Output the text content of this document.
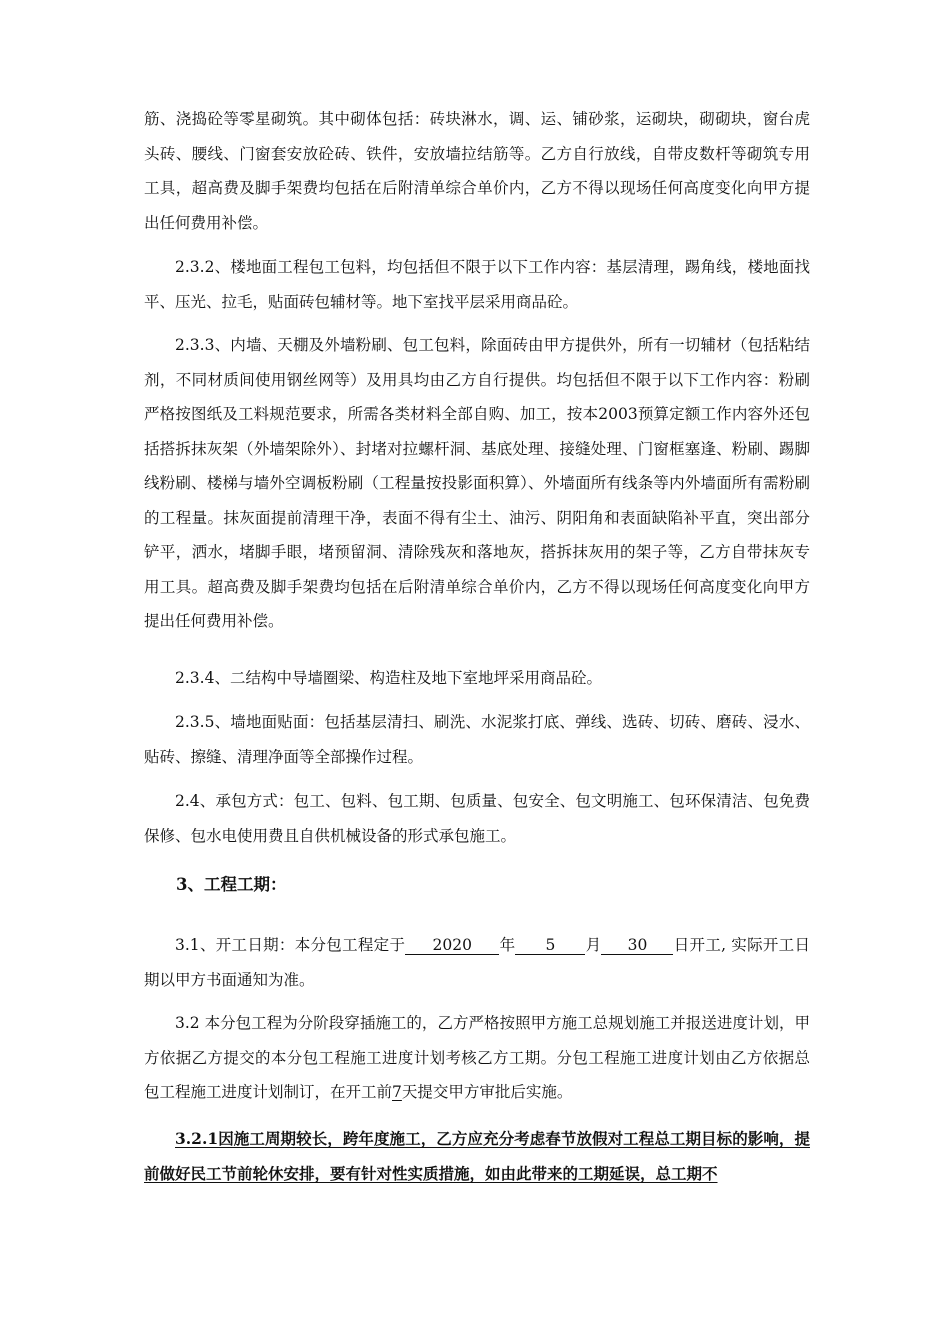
筋、浇捣砼等零星砌筑。其中砌体包括：砖块淋水，调、运、铺砂浆，运砌块，砌砌块，窗台虎头砖、腰线、门窗套安放砼砖、铁件，安放墙拉结筋等。乙方自行放线，自带皮数杆等砌筑专用工具，超高费及脚手架费均包括在后附清单综合单价内，乙方不得以现场任何高度变化向甲方提出任何费用补偿。

2.3.2、楼地面工程包工包料，均包括但不限于以下工作内容：基层清理，踢角线，楼地面找平、压光、拉毛，贴面砖包辅材等。地下室找平层采用商品砼。

2.3.3、内墙、天棚及外墙粉刷、包工包料，除面砖由甲方提供外，所有一切辅材（包括粘结剂，不同材质间使用钢丝网等）及用具均由乙方自行提供。均包括但不限于以下工作内容：粉刷严格按图纸及工料规范要求，所需各类材料全部自购、加工，按本2003预算定额工作内容外还包括搭拆抹灰架（外墙架除外）、封堵对拉螺杆洞、基底处理、接缝处理、门窗框塞逢、粉刷、踢脚线粉刷、楼梯与墙外空调板粉刷（工程量按投影面积算）、外墙面所有线条等内外墙面所有需粉刷的工程量。抹灰面提前清理干净，表面不得有尘土、油污、阴阳角和表面缺陷补平直，突出部分铲平，洒水，堵脚手眼，堵预留洞、清除残灰和落地灰，搭拆抹灰用的架子等，乙方自带抹灰专用工具。超高费及脚手架费均包括在后附清单综合单价内，乙方不得以现场任何高度变化向甲方提出任何费用补偿。

2.3.4、二结构中导墙圈梁、构造柱及地下室地坪采用商品砼。

2.3.5、墙地面贴面：包括基层清扫、刷洗、水泥浆打底、弹线、选砖、切砖、磨砖、浸水、贴砖、擦缝、清理净面等全部操作过程。

2.4、承包方式：包工、包料、包工期、包质量、包安全、包文明施工、包环保清洁、包免费保修、包水电使用费且自供机械设备的形式承包施工。

3、工程工期：

3.1、开工日期：本分包工程定于 2020 年 5 月 30 日开工, 实际开工日期以甲方书面通知为准。

3.2 本分包工程为分阶段穿插施工的，乙方严格按照甲方施工总规划施工并报送进度计划，甲方依据乙方提交的本分包工程施工进度计划考核乙方工期。分包工程施工进度计划由乙方依据总包工程施工进度计划制订，在开工前7天提交甲方审批后实施。

3.2.1因施工周期较长，跨年度施工，乙方应充分考虑春节放假对工程总工期目标的影响，提前做好民工节前轮休安排，要有针对性实质措施，如由此带来的工期延误，总工期不
